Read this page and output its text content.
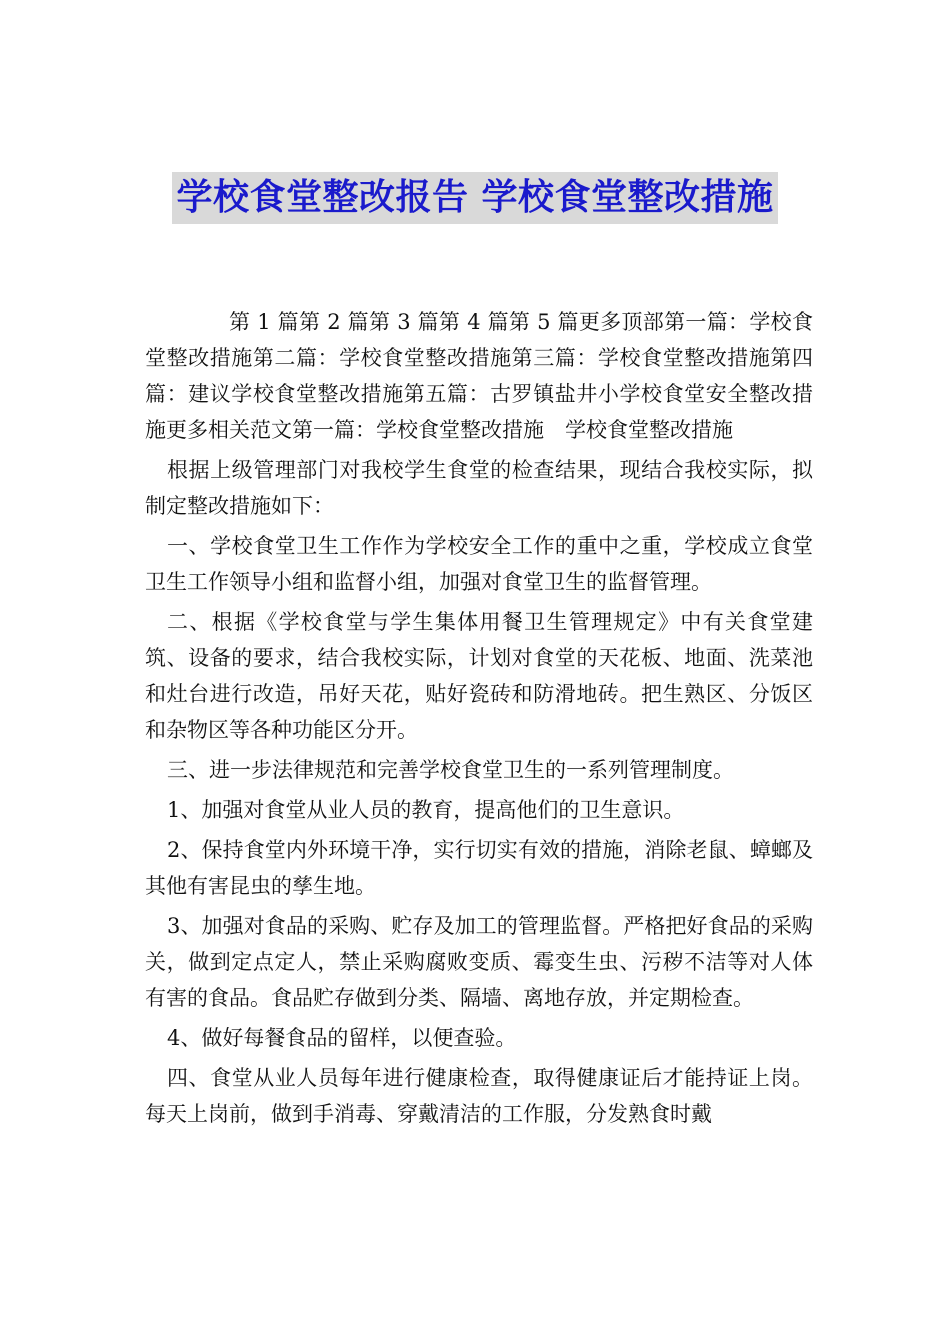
学校食堂整改报告 学校食堂整改措施

第 1 篇第 2 篇第 3 篇第 4 篇第 5 篇更多顶部第一篇：学校食堂整改措施第二篇：学校食堂整改措施第三篇：学校食堂整改措施第四篇：建议学校食堂整改措施第五篇：古罗镇盐井小学校食堂安全整改措施更多相关范文第一篇：学校食堂整改措施　学校食堂整改措施

根据上级管理部门对我校学生食堂的检查结果，现结合我校实际，拟制定整改措施如下：

一、学校食堂卫生工作作为学校安全工作的重中之重，学校成立食堂卫生工作领导小组和监督小组，加强对食堂卫生的监督管理。

二、根据《学校食堂与学生集体用餐卫生管理规定》中有关食堂建筑、设备的要求，结合我校实际，计划对食堂的天花板、地面、洗菜池和灶台进行改造，吊好天花，贴好瓷砖和防滑地砖。把生熟区、分饭区和杂物区等各种功能区分开。

三、进一步法律规范和完善学校食堂卫生的一系列管理制度。

1、加强对食堂从业人员的教育，提高他们的卫生意识。

2、保持食堂内外环境干净，实行切实有效的措施，消除老鼠、蟑螂及其他有害昆虫的孳生地。

3、加强对食品的采购、贮存及加工的管理监督。严格把好食品的采购关，做到定点定人，禁止采购腐败变质、霉变生虫、污秽不洁等对人体有害的食品。食品贮存做到分类、隔墙、离地存放，并定期检查。

4、做好每餐食品的留样，以便查验。

四、食堂从业人员每年进行健康检查，取得健康证后才能持证上岗。每天上岗前，做到手消毒、穿戴清洁的工作服，分发熟食时戴
